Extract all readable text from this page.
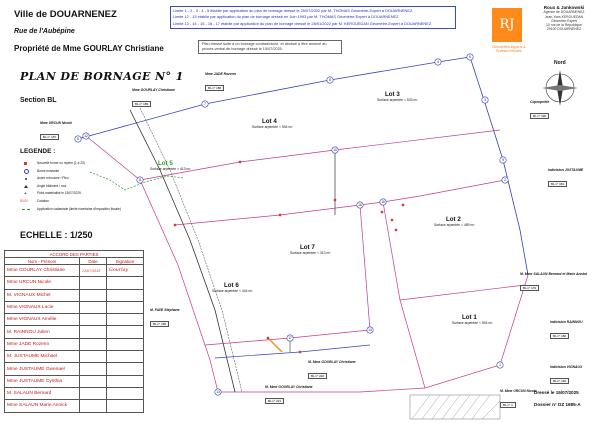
Ville de DOUARNENEZ
Rue de l'Aubépine
Propriété de Mme GOURLAY Christiane
Limite 1 - 2 - 3 - 4 - 5 établie par application du plan de bornage dressé le 25/07/2002 par M. THOMAS Géomètre-Expert à DOUARNENEZ
Limite 12 - 13 établie par application du plan de bornage dressé en Juin 1993 par M. THOMAS Géomètre-Expert à DOUARNENEZ
Limite 13 - 14 - 15 - 16 - 17 établie par application du plan de bornage dressé le 28/01/2022 par M. KEROUEDAN Géomètre-Expert à DOUARNENEZ
Plan dressé suite à un bornage contradictoire, et destiné à être annexé au procès-verbal de bornage dressé le 15/07/2025
PLAN DE BORNAGE N° 1
Section BL
LEGENDE :
Nouvelle borne ou repère (1 à 23)
Borne existante
Ancre retrouvée / Pieu
Angle bâtiment / mur
+	Point matérialisé le 15/07/2025
50.00	Cotation
Application cadastrale (limite incertaine d'imposition fiscale)
ECHELLE : 1/250
ACCORD DES PARTIES		
Nom - Prénom	Date	Signature
Mme GOURLAY Christiane	23/07/2025	Gourlay
Mme URCUN Nicole		
M. VIGNAUX Michel		
Mme VIGNAUX Lucie		
Mme VIGNAUX Amélie		
M. RAINNOU Julien		
Mme JADE Rozenn		
M. JUSTAUME Michael		
Mme JUSTAUME Gwenael		
Mme JUSTAUME Cynthia		
M. SALAUN Bernard		
Mme SALAUN Marie Annick		
RJ
Géomètres-experts & Bureau d'études
Roux & Jankowski
Agence de DOUARNENEZ
Jean-Yves KEROUEDAN
Géomètre-Expert
10 rue de la République
29100 DOUARNENEZ
Nord
1
2
3
4
5
6
7
8
9
10
11
12
13
14
15
16
17
Lot 3
Surface arpentée = 533 m²
Lot 4
Surface arpentée = 594 m²
Lot 5
Surface arpentée = 413 m²
Lot 2
Surface arpentée = 489 m²
Lot 7
Surface arpentée = 313 m²
Lot 6
Surface arpentée = 444 m²
Lot 1
Surface arpentée = 504 m²
Mme URCUN Nicole
BL n° 187
Mme GOURLAY Christiane
BL n° 189
Mme JADE Rozenn
BL n° 188
Copropriété
BL n° 199
Indivision JUSTAUME
BL n° 181
M. Mme SALAUN Bernard et Marie Annick
BL n° 179
Indivision RAINNOU
BL n° 180
Indivision VIGNAUX
BL n° 192
M. Mme URCUN Nicole
BL n° 1
M. Mme GOURLAY Christiane
BL n° 222
M. Mme GOURLAY Christiane
BL n° 221
M. FAVE Stéphane
BL n° 185
Dressé le 15/07/2025
Dossier n° DZ 1685-A
